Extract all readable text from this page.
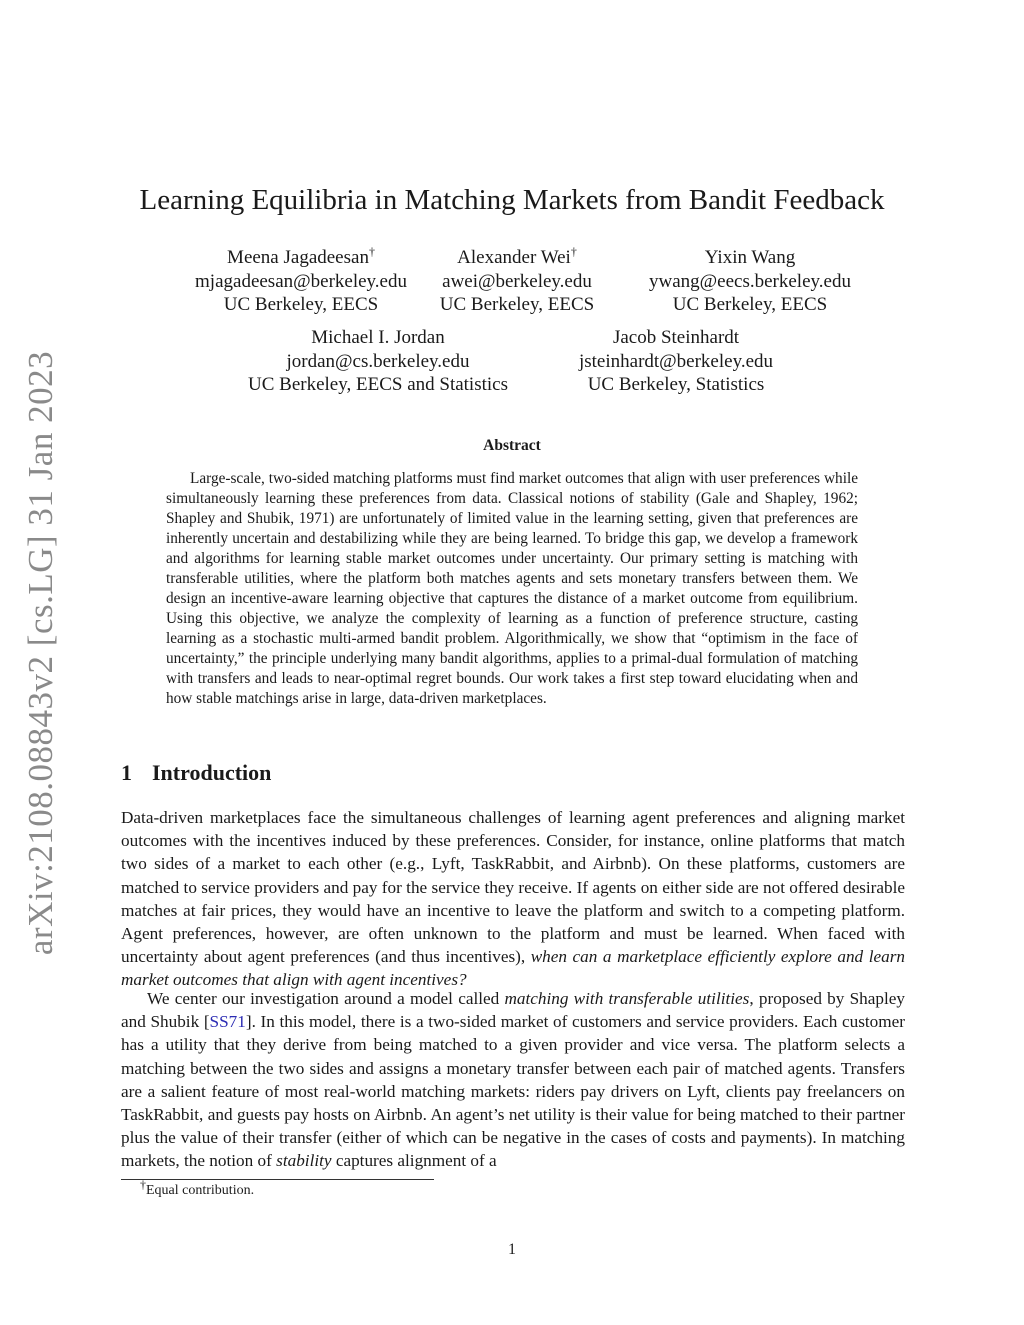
arXiv:2108.08843v2 [cs.LG] 31 Jan 2023
Learning Equilibria in Matching Markets from Bandit Feedback
Meena Jagadeesan†
mjagadeesan@berkeley.edu
UC Berkeley, EECS
Alexander Wei†
awei@berkeley.edu
UC Berkeley, EECS
Yixin Wang
ywang@eecs.berkeley.edu
UC Berkeley, EECS
Michael I. Jordan
jordan@cs.berkeley.edu
UC Berkeley, EECS and Statistics
Jacob Steinhardt
jsteinhardt@berkeley.edu
UC Berkeley, Statistics
Abstract

Large-scale, two-sided matching platforms must find market outcomes that align with user preferences while simultaneously learning these preferences from data. Classical notions of stability (Gale and Shapley, 1962; Shapley and Shubik, 1971) are unfortunately of limited value in the learning setting, given that preferences are inherently uncertain and destabilizing while they are being learned. To bridge this gap, we develop a framework and algorithms for learning stable market outcomes under uncertainty. Our primary setting is matching with transferable utilities, where the platform both matches agents and sets monetary transfers between them. We design an incentive-aware learning objective that captures the distance of a market outcome from equilibrium. Using this objective, we analyze the complexity of learning as a function of preference structure, casting learning as a stochastic multi-armed bandit problem. Algorithmically, we show that “optimism in the face of uncertainty,” the principle underlying many bandit algorithms, applies to a primal-dual formulation of matching with transfers and leads to near-optimal regret bounds. Our work takes a first step toward elucidating when and how stable matchings arise in large, data-driven marketplaces.

1 Introduction

Data-driven marketplaces face the simultaneous challenges of learning agent preferences and aligning market outcomes with the incentives induced by these preferences. Consider, for instance, online platforms that match two sides of a market to each other (e.g., Lyft, TaskRabbit, and Airbnb). On these platforms, customers are matched to service providers and pay for the service they receive. If agents on either side are not offered desirable matches at fair prices, they would have an incentive to leave the platform and switch to a competing platform. Agent preferences, however, are often unknown to the platform and must be learned. When faced with uncertainty about agent preferences (and thus incentives), when can a marketplace efficiently explore and learn market outcomes that align with agent incentives?

We center our investigation around a model called matching with transferable utilities, proposed by Shapley and Shubik [SS71]. In this model, there is a two-sided market of customers and service providers. Each customer has a utility that they derive from being matched to a given provider and vice versa. The platform selects a matching between the two sides and assigns a monetary transfer between each pair of matched agents. Transfers are a salient feature of most real-world matching markets: riders pay drivers on Lyft, clients pay freelancers on TaskRabbit, and guests pay hosts on Airbnb. An agent’s net utility is their value for being matched to their partner plus the value of their transfer (either of which can be negative in the cases of costs and payments). In matching markets, the notion of stability captures alignment of a

†Equal contribution.
1
